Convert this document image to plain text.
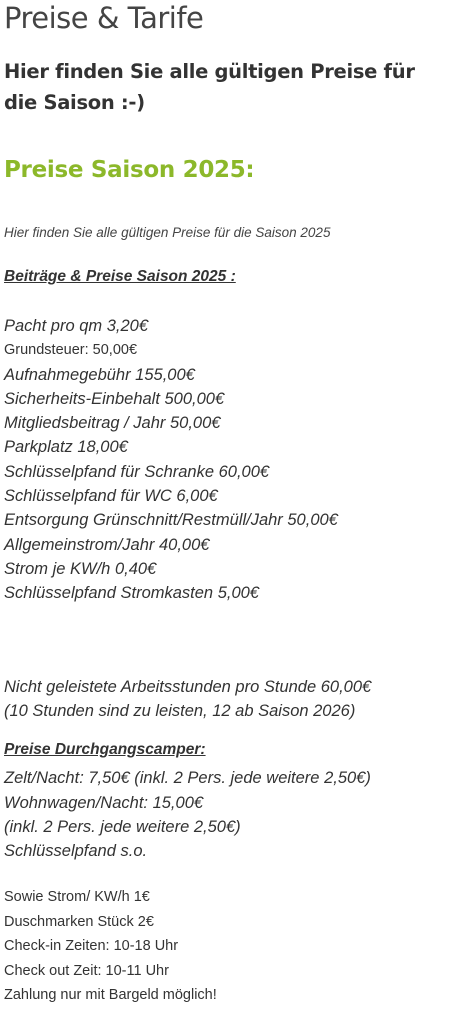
Preise & Tarife
Hier finden Sie alle gültigen Preise für die Saison :-)
Preise Saison 2025:
Hier finden Sie alle gültigen Preise für die Saison 2025
Beiträge & Preise Saison 2025 :
Pacht pro qm 3,20€
Grundsteuer: 50,00€
Aufnahmegebühr 155,00€
Sicherheits-Einbehalt 500,00€
Mitgliedsbeitrag / Jahr 50,00€
Parkplatz 18,00€
Schlüsselpfand für Schranke 60,00€
Schlüsselpfand für WC 6,00€
Entsorgung Grünschnitt/Restmüll/Jahr 50,00€
Allgemeinstrom/Jahr 40,00€
Strom je KW/h 0,40€
Schlüsselpfand Stromkasten 5,00€
Nicht geleistete Arbeitsstunden pro Stunde 60,00€
(10 Stunden sind zu leisten, 12 ab Saison 2026)
Preise Durchgangscamper:
Zelt/Nacht: 7,50€ (inkl. 2 Pers. jede weitere 2,50€)
Wohnwagen/Nacht: 15,00€
(inkl. 2 Pers. jede weitere 2,50€)
Schlüsselpfand s.o.
Sowie Strom/ KW/h 1€
Duschmarken Stück 2€
Check-in Zeiten: 10-18 Uhr
Check out Zeit: 10-11 Uhr
Zahlung nur mit Bargeld möglich!
